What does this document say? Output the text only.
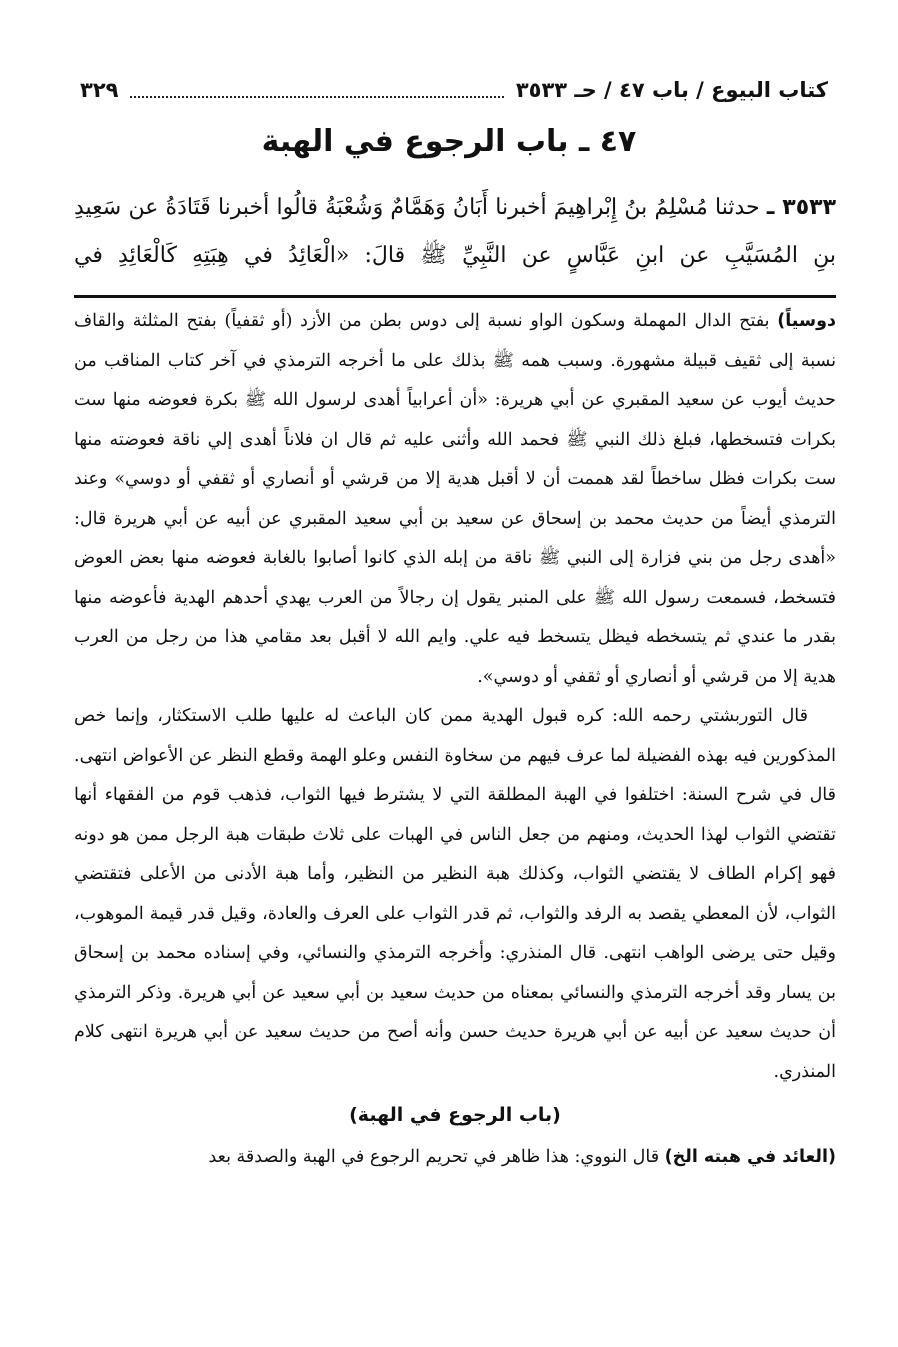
كتاب البيوع / باب ٤٧ / حـ ٣٥٣٣
٣٢٩
٤٧ ـ باب الرجوع في الهبة

٣٥٣٣ ـ حدثنا مُسْلِمُ بنُ إِبْراهِيمَ أخبرنا أَبَانُ وَهَمَّامٌ وَشُعْبَةُ قالُوا أخبرنا قَتَادَةُ عن سَعِيدِ بنِ المُسَيَّبِ عن ابنِ عَبَّاسٍ عن النَّبِيِّ ﷺ قالَ: «الْعَائِدُ في هِبَتِهِ كَالْعَائِدِ في

دوسياً) بفتح الدال المهملة وسكون الواو نسبة إلى دوس بطن من الأزد (أو ثقفياً) بفتح المثلثة والقاف نسبة إلى ثقيف قبيلة مشهورة. وسبب همه ﷺ بذلك على ما أخرجه الترمذي في آخر كتاب المناقب من حديث أيوب عن سعيد المقبري عن أبي هريرة: «أن أعرابياً أهدى لرسول الله ﷺ بكرة فعوضه منها ست بكرات فتسخطها، فبلغ ذلك النبي ﷺ فحمد الله وأثنى عليه ثم قال ان فلاناً أهدى إلي ناقة فعوضته منها ست بكرات فظل ساخطاً لقد هممت أن لا أقبل هدية إلا من قرشي أو أنصاري أو ثقفي أو دوسي» وعند الترمذي أيضاً من حديث محمد بن إسحاق عن سعيد بن أبي سعيد المقبري عن أبيه عن أبي هريرة قال: «أهدى رجل من بني فزارة إلى النبي ﷺ ناقة من إبله الذي كانوا أصابوا بالغابة فعوضه منها بعض العوض فتسخط، فسمعت رسول الله ﷺ على المنبر يقول إن رجالاً من العرب يهدي أحدهم الهدية فأعوضه منها بقدر ما عندي ثم يتسخطه فيظل يتسخط فيه علي. وايم الله لا أقبل بعد مقامي هذا من رجل من العرب هدية إلا من قرشي أو أنصاري أو ثقفي أو دوسي».

قال التوربشتي رحمه الله: كره قبول الهدية ممن كان الباعث له عليها طلب الاستكثار، وإنما خص المذكورين فيه بهذه الفضيلة لما عرف فيهم من سخاوة النفس وعلو الهمة وقطع النظر عن الأعواض انتهى. قال في شرح السنة: اختلفوا في الهبة المطلقة التي لا يشترط فيها الثواب، فذهب قوم من الفقهاء أنها تقتضي الثواب لهذا الحديث، ومنهم من جعل الناس في الهبات على ثلاث طبقات هبة الرجل ممن هو دونه فهو إكرام الطاف لا يقتضي الثواب، وكذلك هبة النظير من النظير، وأما هبة الأدنى من الأعلى فتقتضي الثواب، لأن المعطي يقصد به الرفد والثواب، ثم قدر الثواب على العرف والعادة، وقيل قدر قيمة الموهوب، وقيل حتى يرضى الواهب انتهى. قال المنذري: وأخرجه الترمذي والنسائي، وفي إسناده محمد بن إسحاق بن يسار وقد أخرجه الترمذي والنسائي بمعناه من حديث سعيد بن أبي سعيد عن أبي هريرة. وذكر الترمذي أن حديث سعيد عن أبيه عن أبي هريرة حديث حسن وأنه أصح من حديث سعيد عن أبي هريرة انتهى كلام المنذري.

(باب الرجوع في الهبة)

(العائد في هبته الخ) قال النووي: هذا ظاهر في تحريم الرجوع في الهبة والصدقة بعد
